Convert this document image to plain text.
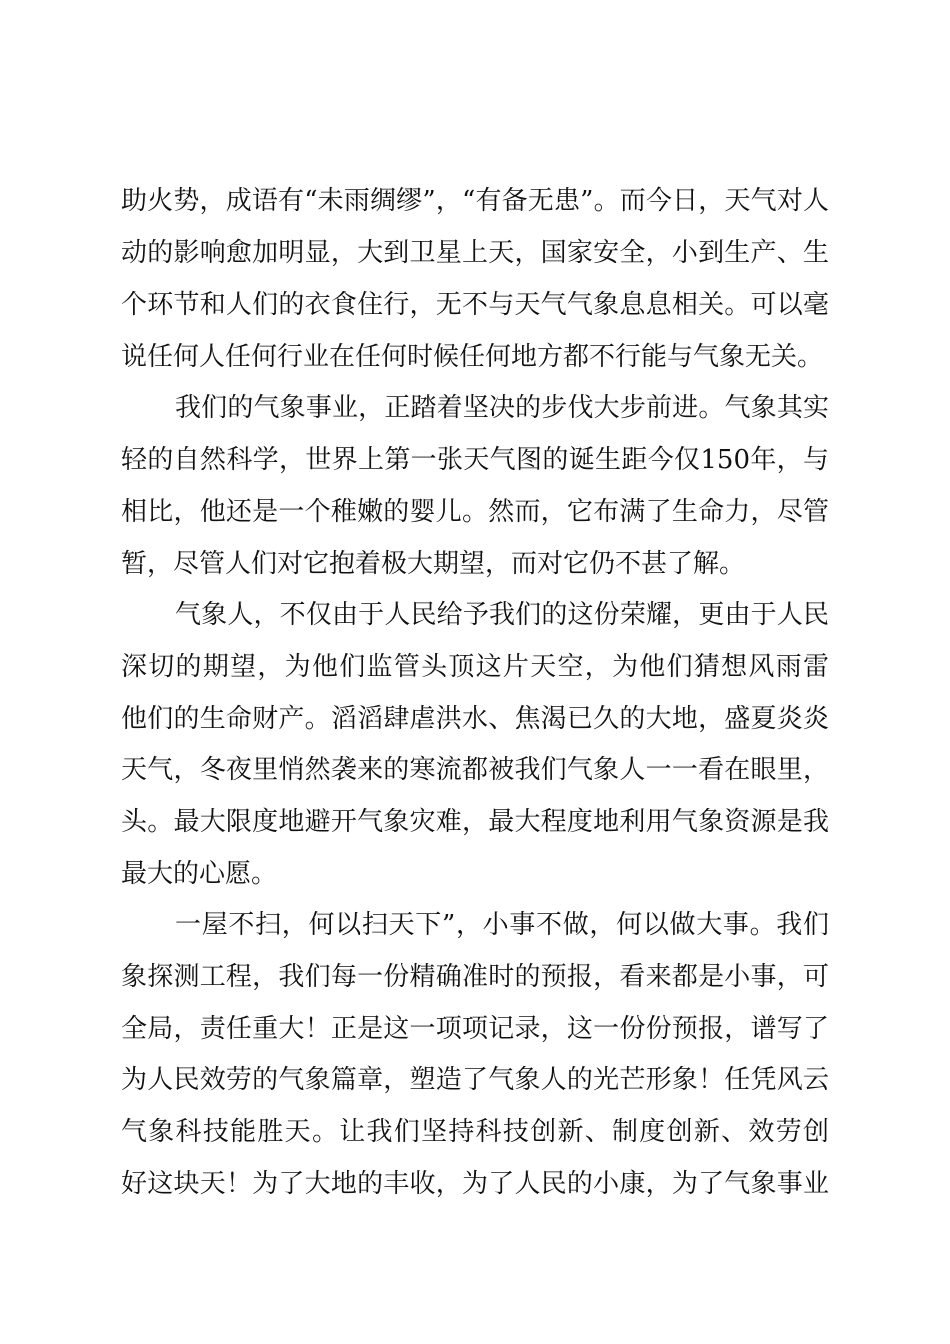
助火势，成语有“未雨绸缪”，“有备无患”。而今日，天气对人
动的影响愈加明显，大到卫星上天，国家安全，小到生产、生
个环节和人们的衣食住行，无不与天气气象息息相关。可以毫
说任何人任何行业在任何时候任何地方都不行能与气象无关。
我们的气象事业，正踏着坚决的步伐大步前进。气象其实
轻的自然科学，世界上第一张天气图的诞生距今仅150年，与
相比，他还是一个稚嫩的婴儿。然而，它布满了生命力，尽管
暂，尽管人们对它抱着极大期望，而对它仍不甚了解。
气象人，不仅由于人民给予我们的这份荣耀，更由于人民
深切的期望，为他们监管头顶这片天空，为他们猜想风雨雷
他们的生命财产。滔滔肆虐洪水、焦渴已久的大地，盛夏炎炎
天气，冬夜里悄然袭来的寒流都被我们气象人一一看在眼里，
头。最大限度地避开气象灾难，最大程度地利用气象资源是我
最大的心愿。
一屋不扫，何以扫天下”，小事不做，何以做大事。我们
象探测工程，我们每一份精确准时的预报，看来都是小事，可
全局，责任重大！正是这一项项记录，这一份份预报，谱写了
为人民效劳的气象篇章，塑造了气象人的光芒形象！任凭风云
气象科技能胜天。让我们坚持科技创新、制度创新、效劳创
好这块天！为了大地的丰收，为了人民的小康，为了气象事业
